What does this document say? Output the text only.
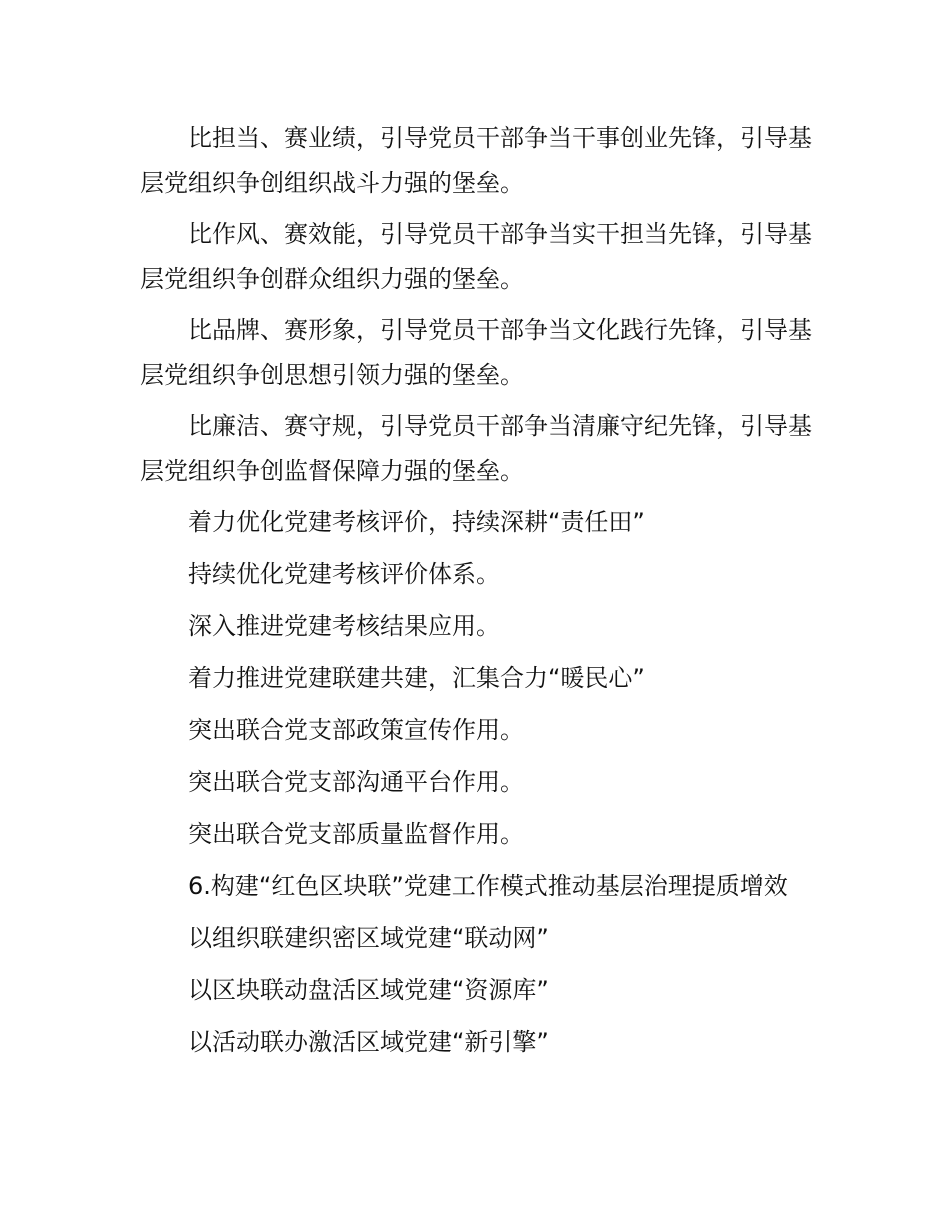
比担当、赛业绩，引导党员干部争当干事创业先锋，引导基层党组织争创组织战斗力强的堡垒。

比作风、赛效能，引导党员干部争当实干担当先锋，引导基层党组织争创群众组织力强的堡垒。

比品牌、赛形象，引导党员干部争当文化践行先锋，引导基层党组织争创思想引领力强的堡垒。

比廉洁、赛守规，引导党员干部争当清廉守纪先锋，引导基层党组织争创监督保障力强的堡垒。

着力优化党建考核评价，持续深耕“责任田”

持续优化党建考核评价体系。

深入推进党建考核结果应用。

着力推进党建联建共建，汇集合力“暖民心”

突出联合党支部政策宣传作用。

突出联合党支部沟通平台作用。

突出联合党支部质量监督作用。

6.构建“红色区块联”党建工作模式推动基层治理提质增效

以组织联建织密区域党建“联动网”

以区块联动盘活区域党建“资源库”

以活动联办激活区域党建“新引擎”
